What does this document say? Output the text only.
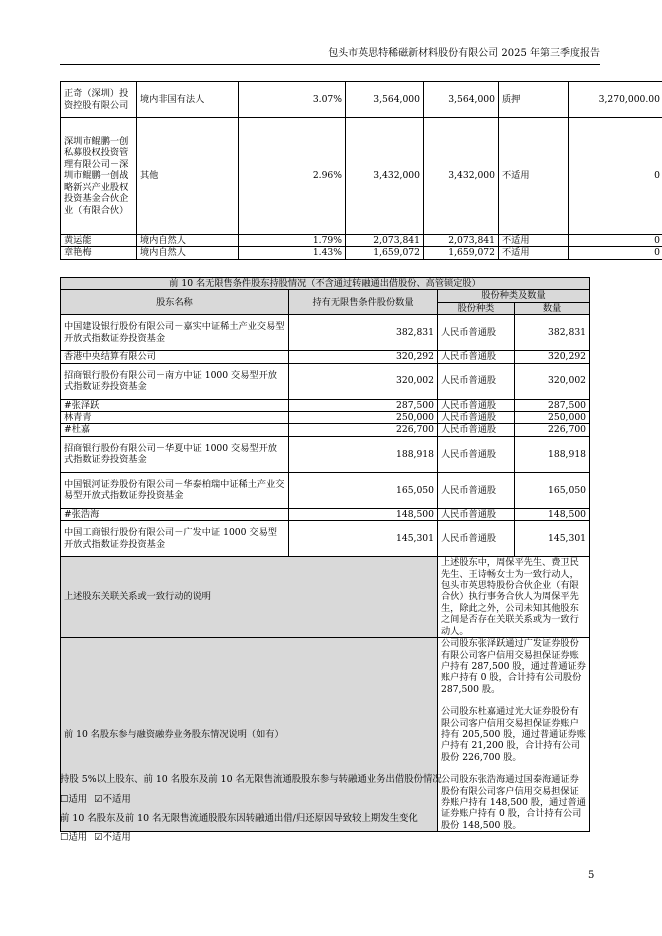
包头市英思特稀磁新材料股份有限公司 2025 年第三季度报告
正奇（深圳）投资控股有限公司	境内非国有法人	3.07%	3,564,000	3,564,000	质押	3,270,000.00
深圳市鲲鹏一创私募股权投资管理有限公司－深圳市鲲鹏一创战略新兴产业股权投资基金合伙企业（有限合伙）	其他	2.96%	3,432,000	3,432,000	不适用	0
黄运能	境内自然人	1.79%	2,073,841	2,073,841	不适用	0
章艳梅	境内自然人	1.43%	1,659,072	1,659,072	不适用	0
前 10 名无限售条件股东持股情况（不含通过转融通出借股份、高管锁定股）			
股东名称	持有无限售条件股份数量	股份种类及数量	
		股份种类	数量
中国建设银行股份有限公司－嘉实中证稀土产业交易型开放式指数证券投资基金	382,831	人民币普通股	382,831
香港中央结算有限公司	320,292	人民币普通股	320,292
招商银行股份有限公司－南方中证 1000 交易型开放式指数证券投资基金	320,002	人民币普通股	320,002
#张泽跃	287,500	人民币普通股	287,500
林青青	250,000	人民币普通股	250,000
#杜嘉	226,700	人民币普通股	226,700
招商银行股份有限公司－华夏中证 1000 交易型开放式指数证券投资基金	188,918	人民币普通股	188,918
中国银河证券股份有限公司－华泰柏瑞中证稀土产业交易型开放式指数证券投资基金	165,050	人民币普通股	165,050
#张浩海	148,500	人民币普通股	148,500
中国工商银行股份有限公司－广发中证 1000 交易型开放式指数证券投资基金	145,301	人民币普通股	145,301
上述股东关联关系或一致行动的说明		上述股东中，周保平先生、费卫民先生、王诗畅女士为一致行动人，包头市英思特股份合伙企业（有限合伙）执行事务合伙人为周保平先生，除此之外，公司未知其他股东之间是否存在关联关系或为一致行动人。	
前 10 名股东参与融资融券业务股东情况说明（如有）		公司股东张泽跃通过广发证券股份有限公司客户信用交易担保证券账户持有 287,500 股，通过普通证券账户持有 0 股，合计持有公司股份 287,500 股。
公司股东杜嘉通过光大证券股份有限公司客户信用交易担保证券账户持有 205,500 股，通过普通证券账户持有 21,200 股，合计持有公司股份 226,700 股。
公司股东张浩海通过国泰海通证券股份有限公司客户信用交易担保证券账户持有 148,500 股，通过普通证券账户持有 0 股，合计持有公司股份 148,500 股。	
持股 5%以上股东、前 10 名股东及前 10 名无限售流通股股东参与转融通业务出借股份情况
☐适用 ☑不适用
前 10 名股东及前 10 名无限售流通股股东因转融通出借/归还原因导致较上期发生变化
☐适用 ☑不适用
5
